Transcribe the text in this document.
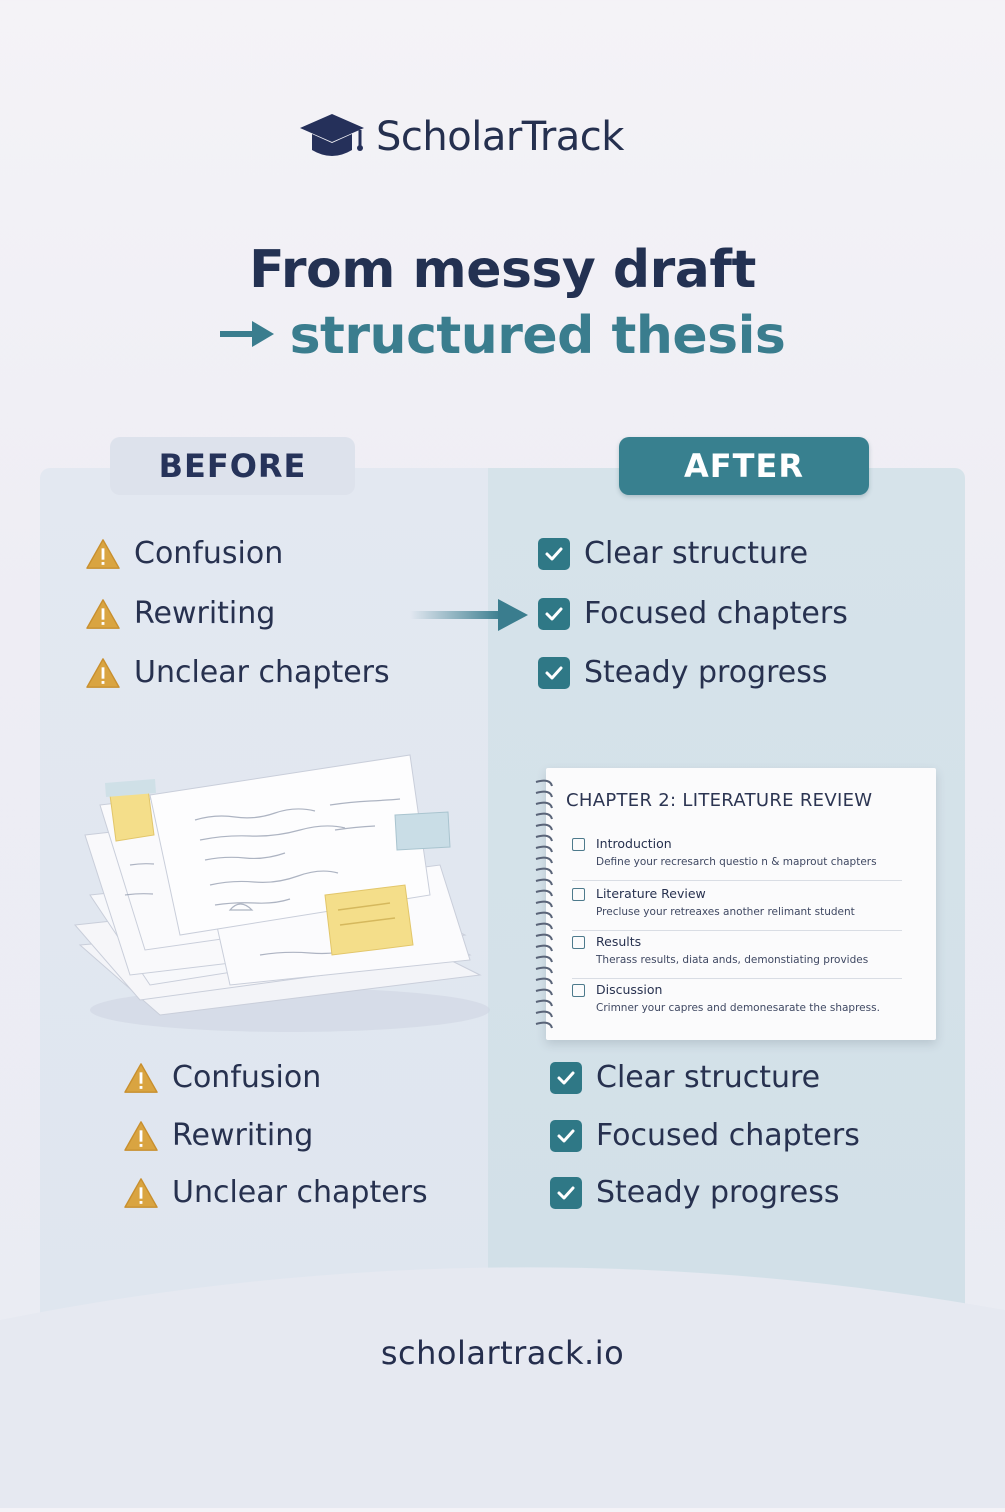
ScholarTrack
From messy draft
structured thesis
BEFORE	AFTER
Confusion
Rewriting
Unclear chapters
Clear structure
Focused chapters
Steady progress
CHAPTER 2: LITERATURE REVIEW
Introduction
Define your recresarch questio n & maprout chapters
Literature Review
Precluse your retreaxes another relimant student
Results
Therass results, diata ands, demonstiating provides
Discussion
Crimner your capres and demonesarate the shapress.
Confusion
Rewriting
Unclear chapters
Clear structure
Focused chapters
Steady progress
scholartrack.io
